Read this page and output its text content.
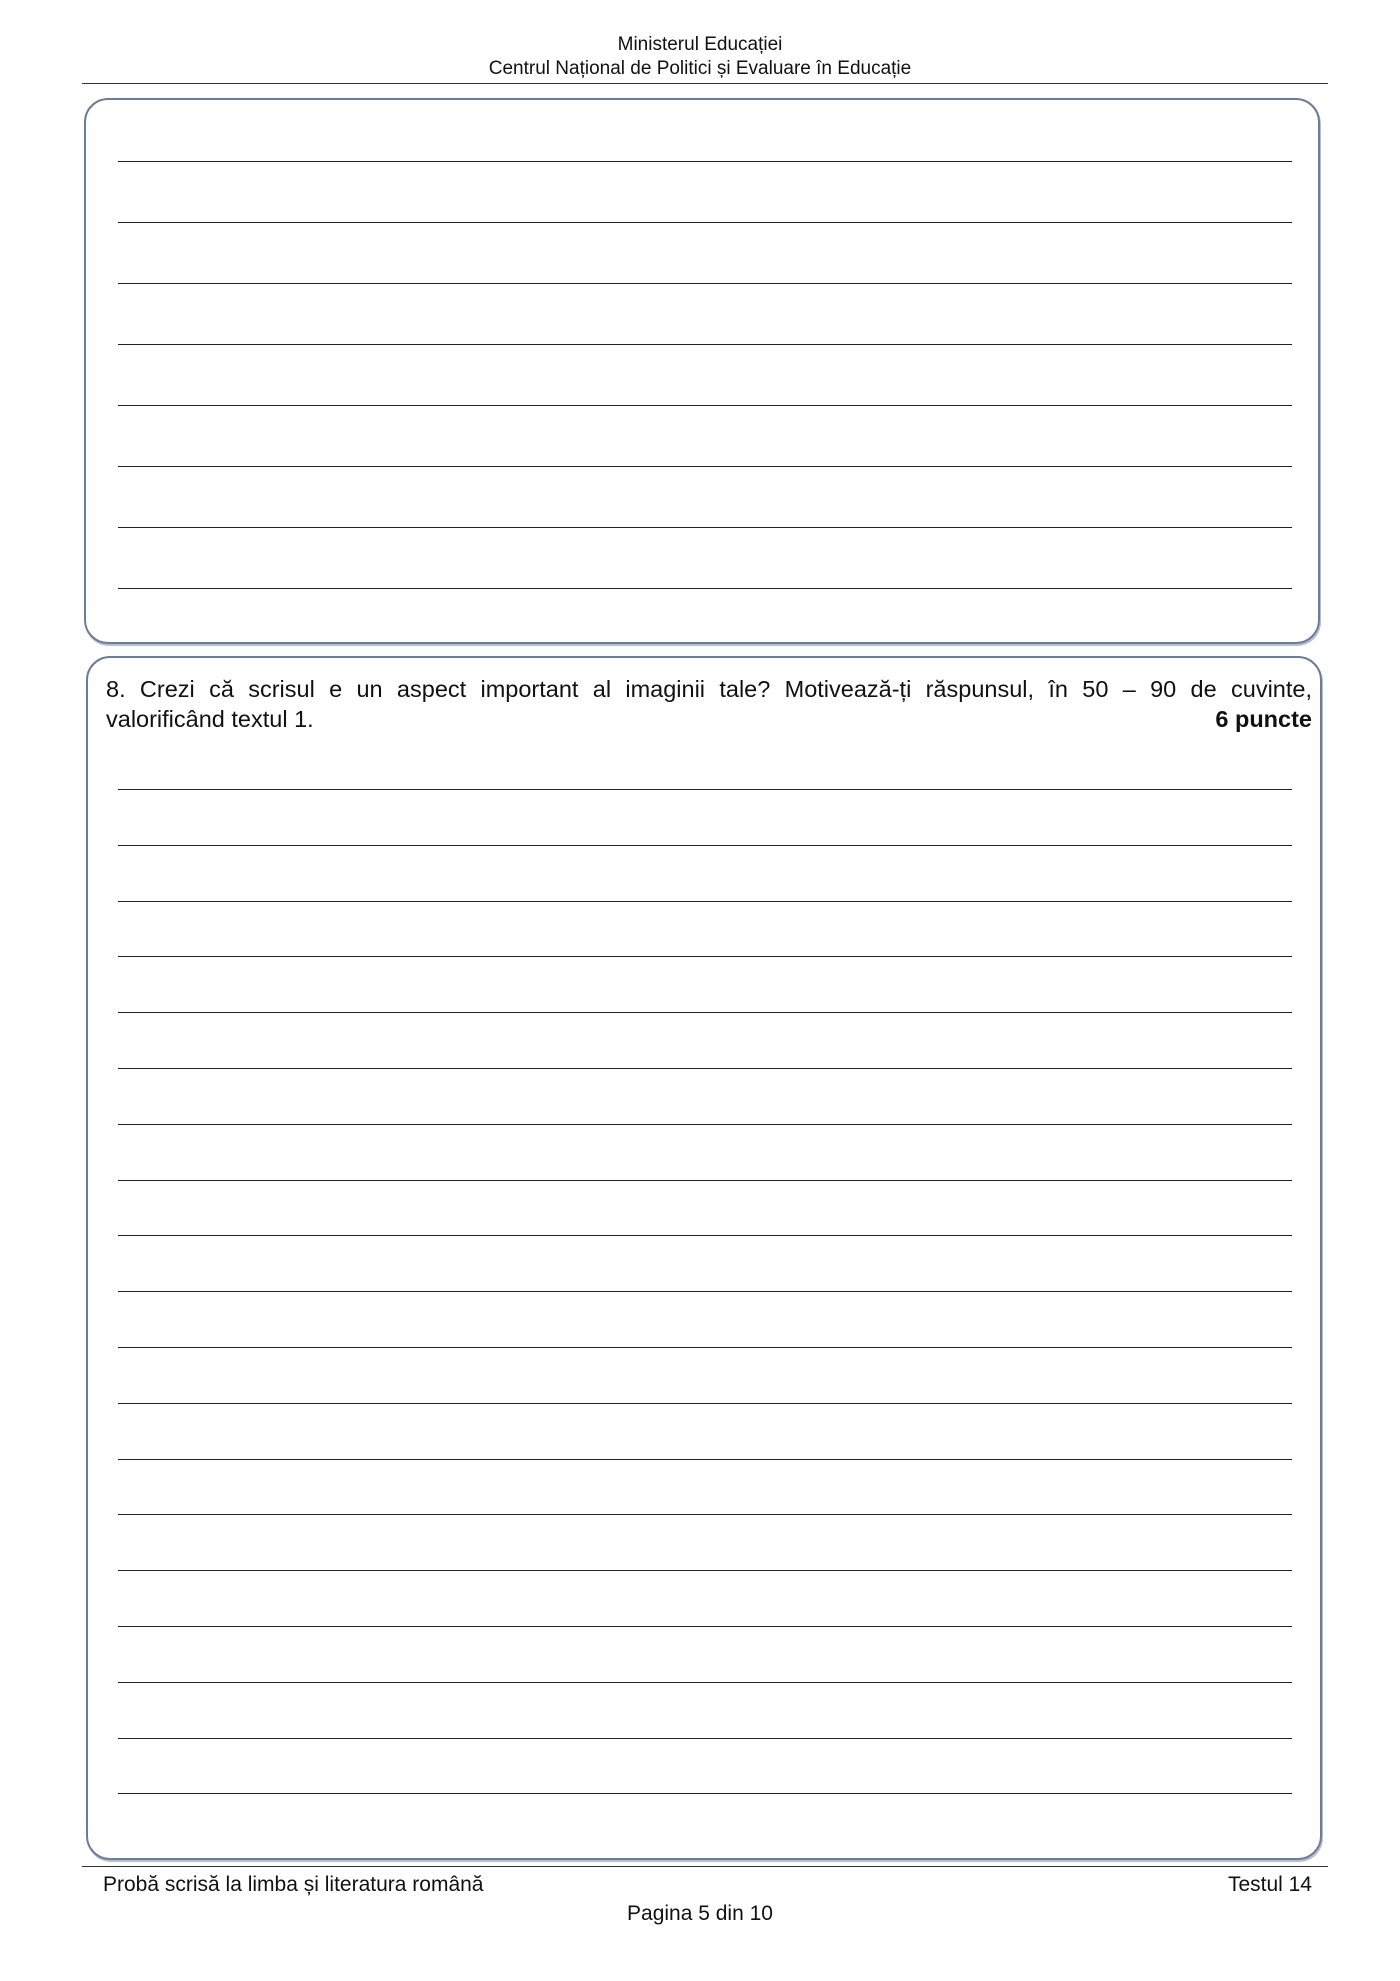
Ministerul Educației
Centrul Național de Politici și Evaluare în Educație
8. Crezi că scrisul e un aspect important al imaginii tale? Motivează-ți răspunsul, în 50 – 90 de cuvinte,
valorificând textul 1.	6 puncte
Probă scrisă la limba și literatura română	Testul 14
Pagina 5 din 10
